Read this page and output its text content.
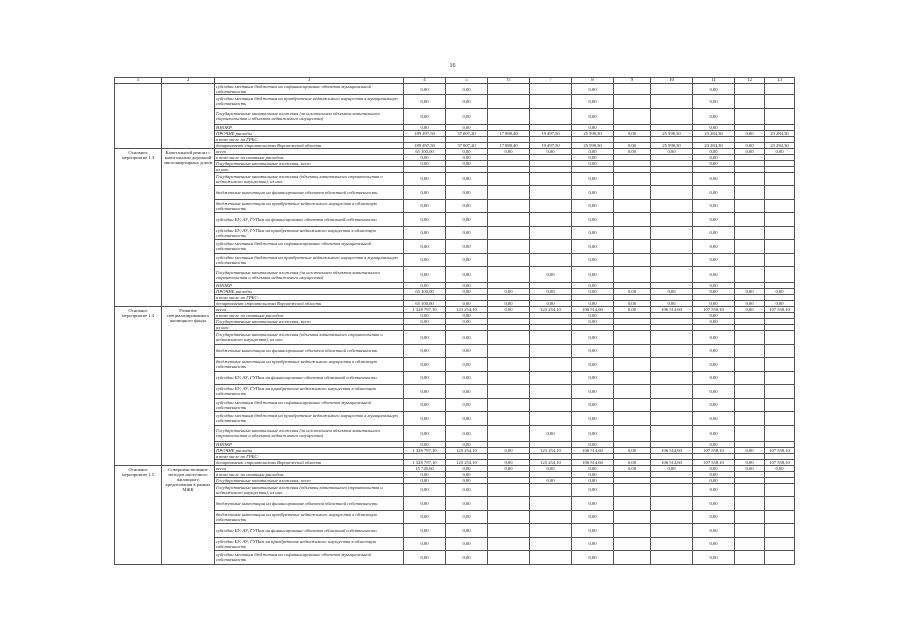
16
1	2	3	4	5	6	7	8	9	10	11	12	13
		субсидии местным бюджетам на софинансирование объектов муниципальной собственности	0,00	0,00			0,00			0,00		
		субсидии местным бюджетам на приобретение недвижимого имущества в муниципальную собственность	0,00	0,00			0,00			0,00		
		Государственные капитальные вложения (за исключением объектов капитального строительства и объектов недвижимого имущества)	0,00	0,00			0,00			0,00		
		НИОКР	0,00	0,00			0,00			0,00		
		ПРОЧИЕ расходы	189 497,50	37 007,20	17 888,40	19 497,50	25 598,30	0,00	25 598,30	23 284,30	0,00	23 284,30
		в том числе по ГРБС:										
		департамент строительства Воронежской области	189 497,50	37 007,20	17 888,40	19 497,50	25 598,30	0,00	25 598,30	23 284,30	0,00	23 284,30
Основное мероприятие 1.3	Капитальный ремонт с капитальным дорожной многоквартирных домов	всего	65 100,00	0,00	0,00	0,00	0,00	0,00	0,00	0,00	0,00	0,00
		в том числе по статьям расходов:	0,00	0,00			0,00			0,00		
		Государственные капитальные вложения, всего	0,00	0,00			0,00			0,00		
		из них:										
		Государственные капитальные вложения (объекты капитального строительства и недвижимого имущества), из них:	0,00	0,00			0,00			0,00		
		бюджетные инвестиции на финансирование объектов областной собственности	0,00	0,00			0,00			0,00		
		бюджетные инвестиции на приобретение недвижимого имущества в областную собственность	0,00	0,00			0,00			0,00		
		субсидии БУ, АУ, ГУПам на финансирование объектов областной собственности	0,00	0,00			0,00			0,00		
		субсидии БУ, АУ, ГУПам на приобретение недвижимого имущества в областную собственность	0,00	0,00			0,00			0,00		
		субсидии местным бюджетам на софинансирование объектов муниципальной собственности	0,00	0,00			0,00			0,00		
		субсидии местным бюджетам на приобретение недвижимого имущества в муниципальную собственность	0,00	0,00			0,00			0,00		
		Государственные капитальные вложения (за исключением объектов капитального строительства и объектов недвижимого имущества)	0,00	0,00		0,00	0,00			0,00		
		НИОКР	0,00	0,00			0,00			0,00		
		ПРОЧИЕ расходы	65 100,00	0,00	0,00	0,00	0,00	0,00	0,00	0,00	0,00	0,00
		в том числе по ГРБС:										
		департамент строительства Воронежской области	65 100,00	0,00	0,00	0,00	0,00	0,00	0,00	0,00	0,00	0,00
Основное мероприятие 1.4	Развитие специализированного жилищного фонда	всего	1 328 797,10	123 254,10	0,00	123 254,10	106 514,60	0,00	106 514,60	107 558,10	0,00	107 558,10
		в том числе по статьям расходов:	0,00	0,00			0,00			0,00		
		Государственные капитальные вложения, всего	0,00	0,00			0,00			0,00		
		из них:										
		Государственные капитальные вложения (объекты капитального строительства и недвижимого имущества), из них:	0,00	0,00			0,00			0,00		
		бюджетные инвестиции на финансирование объектов областной собственности	0,00	0,00			0,00			0,00		
		бюджетные инвестиции на приобретение недвижимого имущества в областную собственность	0,00	0,00			0,00			0,00		
		субсидии БУ, АУ, ГУПам на финансирование объектов областной собственности	0,00	0,00			0,00			0,00		
		субсидии БУ, АУ, ГУПам на приобретение недвижимого имущества в областную собственность	0,00	0,00			0,00			0,00		
		субсидии местным бюджетам на софинансирование объектов муниципальной собственности	0,00	0,00			0,00			0,00		
		субсидии местным бюджетам на приобретение недвижимого имущества в муниципальную собственность	0,00	0,00			0,00			0,00		
		Государственные капитальные вложения (за исключением объектов капитального строительства и объектов недвижимого имущества)	0,00	0,00		0,00	0,00			0,00		
		НИОКР	0,00	0,00			0,00			0,00		
		ПРОЧИЕ расходы	1 328 797,10	123 254,10	0,00	123 254,10	106 514,60	0,00	106 514,60	107 558,10	0,00	107 558,10
		в том числе по ГРБС:										
		департамент строительства Воронежской области	1 328 797,10	123 254,10	0,00	123 254,10	106 514,60	0,00	106 514,60	107 558,10	0,00	107 558,10
Основное мероприятие 1.5	Совершенствование методов ипотечного жилищного кредитования в рамках МЖК	всего	15 726,60	0,00	0,00	0,00	0,00	0,00	0,00	0,00	0,00	0,00
		в том числе по статьям расходов:	0,00	0,00			0,00			0,00		
		Государственные капитальные вложения, всего	0,00	0,00		0,00	0,00			0,00		
		Государственные капитальные вложения (объекты капитального строительства и недвижимого имущества), из них:	0,00	0,00			0,00			0,00		
		бюджетные инвестиции на финансирование объектов областной собственности	0,00	0,00			0,00			0,00		
		бюджетные инвестиции на приобретение недвижимого имущества в областную собственность	0,00	0,00			0,00			0,00		
		субсидии БУ, АУ, ГУПам на финансирование объектов областной собственности	0,00	0,00			0,00			0,00		
		субсидии БУ, АУ, ГУПам на приобретение недвижимого имущества в областную собственность	0,00	0,00			0,00			0,00		
		субсидии местным бюджетам на софинансирование объектов муниципальной собственности	0,00	0,00			0,00			0,00		
